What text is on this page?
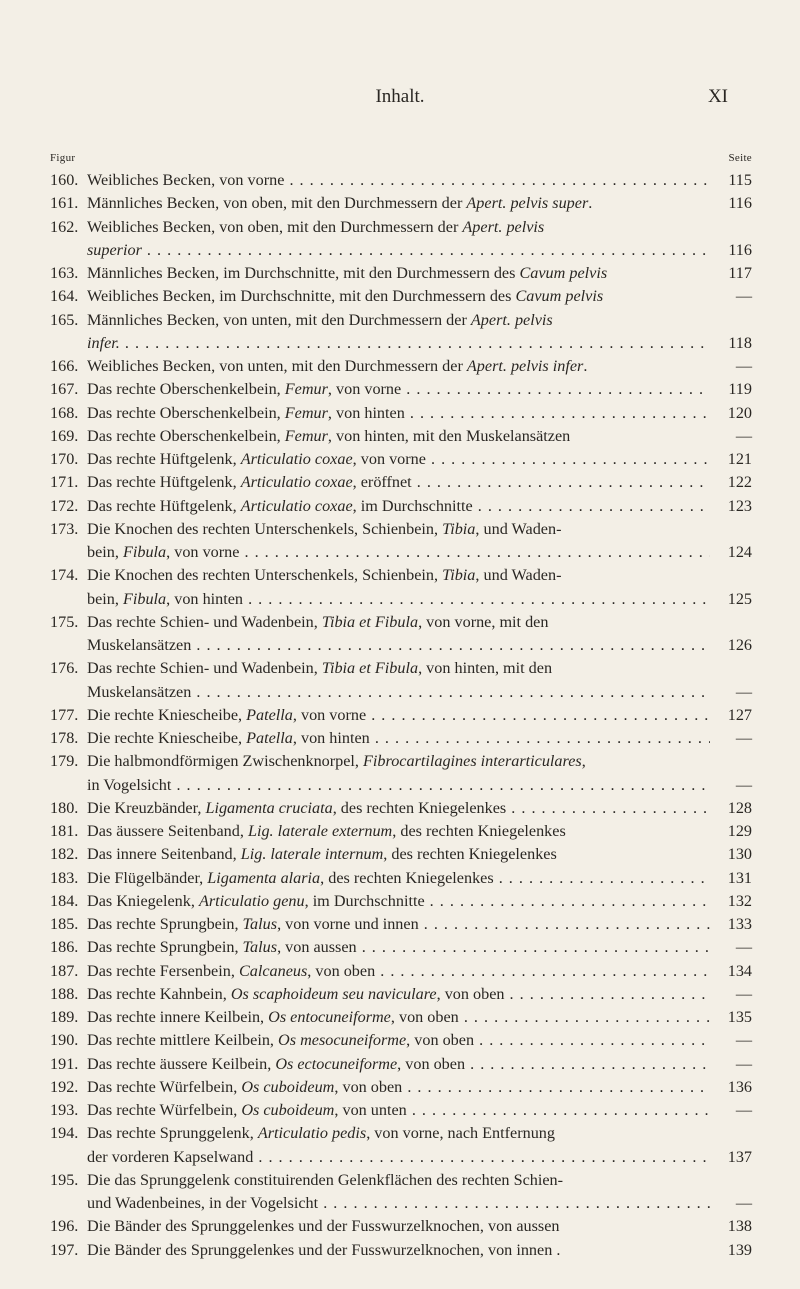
Inhalt.	XI
Figur	Seite
160. Weibliches Becken, von vorne . . .	115
161. Männliches Becken, von oben, mit den Durchmessern der Apert. pelvis super.	116
162. Weibliches Becken, von oben, mit den Durchmessern der Apert. pelvis
superior . . .	116
163. Männliches Becken, im Durchschnitte, mit den Durchmessern des Cavum pelvis	117
164. Weibliches Becken, im Durchschnitte, mit den Durchmessern des Cavum pelvis	—
165. Männliches Becken, von unten, mit den Durchmessern der Apert. pelvis
infer. . . .	118
166. Weibliches Becken, von unten, mit den Durchmessern der Apert. pelvis infer.	—
167. Das rechte Oberschenkelbein, Femur, von vorne . . .	119
168. Das rechte Oberschenkelbein, Femur, von hinten . . .	120
169. Das rechte Oberschenkelbein, Femur, von hinten, mit den Muskelansätzen	—
170. Das rechte Hüftgelenk, Articulatio coxae, von vorne . . .	121
171. Das rechte Hüftgelenk, Articulatio coxae, eröffnet . . .	122
172. Das rechte Hüftgelenk, Articulatio coxae, im Durchschnitte . . .	123
173. Die Knochen des rechten Unterschenkels, Schienbein, Tibia, und Waden-
bein, Fibula, von vorne . . .	124
174. Die Knochen des rechten Unterschenkels, Schienbein, Tibia, und Waden-
bein, Fibula, von hinten . . .	125
175. Das rechte Schien- und Wadenbein, Tibia et Fibula, von vorne, mit den
Muskelansätzen . . .	126
176. Das rechte Schien- und Wadenbein, Tibia et Fibula, von hinten, mit den
Muskelansätzen . . .	—
177. Die rechte Kniescheibe, Patella, von vorne . . .	127
178. Die rechte Kniescheibe, Patella, von hinten . . .	—
179. Die halbmondförmigen Zwischenknorpel, Fibrocartilagines interarticulares,
in Vogelsicht . . .	—
180. Die Kreuzbänder, Ligamenta cruciata, des rechten Kniegelenkes . . .	128
181. Das äussere Seitenband, Lig. laterale externum, des rechten Kniegelenkes	129
182. Das innere Seitenband, Lig. laterale internum, des rechten Kniegelenkes	130
183. Die Flügelbänder, Ligamenta alaria, des rechten Kniegelenkes . . .	131
184. Das Kniegelenk, Articulatio genu, im Durchschnitte . . .	132
185. Das rechte Sprungbein, Talus, von vorne und innen . . .	133
186. Das rechte Sprungbein, Talus, von aussen . . .	—
187. Das rechte Fersenbein, Calcaneus, von oben . . .	134
188. Das rechte Kahnbein, Os scaphoideum seu naviculare, von oben . . .	—
189. Das rechte innere Keilbein, Os entocuneiforme, von oben . . .	135
190. Das rechte mittlere Keilbein, Os mesocuneiforme, von oben . . .	—
191. Das rechte äussere Keilbein, Os ectocuneiforme, von oben . . .	—
192. Das rechte Würfelbein, Os cuboideum, von oben . . .	136
193. Das rechte Würfelbein, Os cuboideum, von unten . . .	—
194. Das rechte Sprunggelenk, Articulatio pedis, von vorne, nach Entfernung
der vorderen Kapselwand . . .	137
195. Die das Sprunggelenk constituirenden Gelenkflächen des rechten Schien-
und Wadenbeines, in der Vogelsicht . . .	—
196. Die Bänder des Sprunggelenkes und der Fusswurzelknochen, von aussen	138
197. Die Bänder des Sprunggelenkes und der Fusswurzelknochen, von innen .	139
